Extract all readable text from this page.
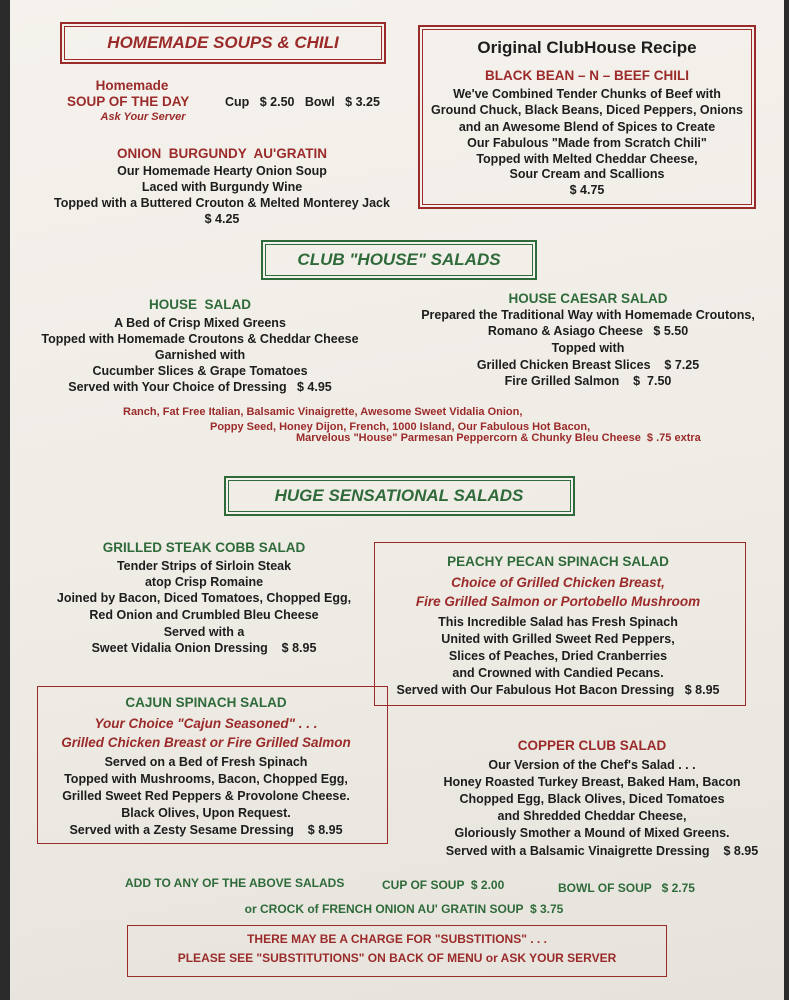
HOMEMADE SOUPS & CHILI
Homemade
SOUP OF THE DAY	Cup   $ 2.50   Bowl   $ 3.25
Ask Your Server
ONION  BURGUNDY  AU'GRATIN
Our Homemade Hearty Onion Soup
Laced with Burgundy Wine
Topped with a Buttered Crouton & Melted Monterey Jack
$ 4.25
Original ClubHouse Recipe
BLACK BEAN – N – BEEF CHILI
We've Combined Tender Chunks of Beef with
Ground Chuck, Black Beans, Diced Peppers, Onions
and an Awesome Blend of Spices to Create
Our Fabulous "Made from Scratch Chili"
Topped with Melted Cheddar Cheese,
Sour Cream and Scallions
$ 4.75
CLUB "HOUSE" SALADS
HOUSE  SALAD
A Bed of Crisp Mixed Greens
Topped with Homemade Croutons & Cheddar Cheese
Garnished with
Cucumber Slices & Grape Tomatoes
Served with Your Choice of Dressing   $ 4.95
HOUSE CAESAR SALAD
Prepared the Traditional Way with Homemade Croutons,
Romano & Asiago Cheese   $ 5.50
Topped with
Grilled Chicken Breast Slices    $ 7.25
Fire Grilled Salmon    $  7.50
Ranch, Fat Free Italian, Balsamic Vinaigrette, Awesome Sweet Vidalia Onion,
Poppy Seed, Honey Dijon, French, 1000 Island, Our Fabulous Hot Bacon,
Marvelous "House" Parmesan Peppercorn & Chunky Bleu Cheese  $ .75 extra
HUGE SENSATIONAL SALADS
GRILLED STEAK COBB SALAD
Tender Strips of Sirloin Steak
atop Crisp Romaine
Joined by Bacon, Diced Tomatoes, Chopped Egg,
Red Onion and Crumbled Bleu Cheese
Served with a
Sweet Vidalia Onion Dressing    $ 8.95
PEACHY PECAN SPINACH SALAD
Choice of Grilled Chicken Breast,
Fire Grilled Salmon or Portobello Mushroom
This Incredible Salad has Fresh Spinach
United with Grilled Sweet Red Peppers,
Slices of Peaches, Dried Cranberries
and Crowned with Candied Pecans.
Served with Our Fabulous Hot Bacon Dressing   $ 8.95
CAJUN SPINACH SALAD
Your Choice "Cajun Seasoned" . . .
Grilled Chicken Breast or Fire Grilled Salmon
Served on a Bed of Fresh Spinach
Topped with Mushrooms, Bacon, Chopped Egg,
Grilled Sweet Red Peppers & Provolone Cheese.
Black Olives, Upon Request.
Served with a Zesty Sesame Dressing    $ 8.95
COPPER CLUB SALAD
Our Version of the Chef's Salad . . .
Honey Roasted Turkey Breast, Baked Ham, Bacon
Chopped Egg, Black Olives, Diced Tomatoes
and Shredded Cheddar Cheese,
Gloriously Smother a Mound of Mixed Greens.
Served with a Balsamic Vinaigrette Dressing    $ 8.95
ADD TO ANY OF THE ABOVE SALADS	CUP OF SOUP  $ 2.00	BOWL OF SOUP   $ 2.75
or CROCK of FRENCH ONION AU' GRATIN SOUP  $ 3.75
THERE MAY BE A CHARGE FOR "SUBSTITIONS" . . .
PLEASE SEE "SUBSTITUTIONS" ON BACK OF MENU or ASK YOUR SERVER
